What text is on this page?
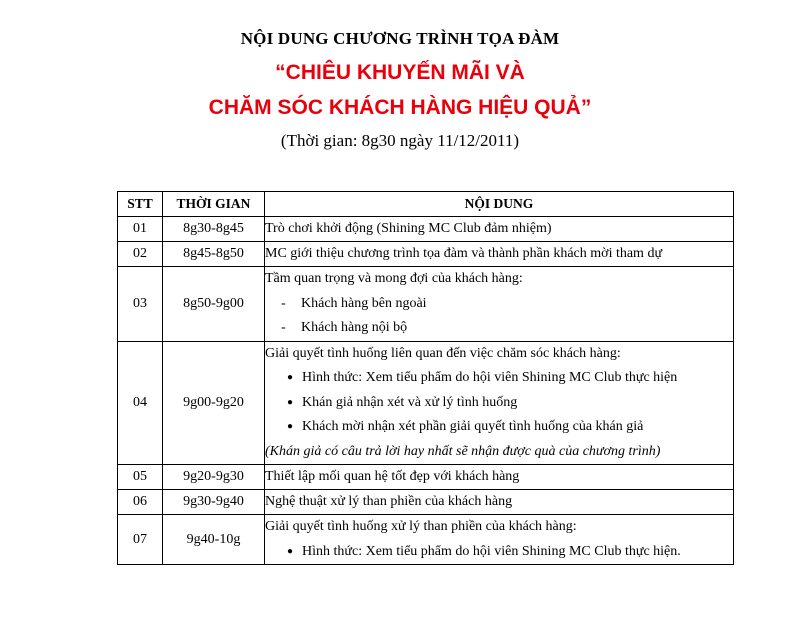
NỘI DUNG CHƯƠNG TRÌNH TỌA ĐÀM
“CHIÊU KHUYẾN MÃI VÀ
CHĂM SÓC KHÁCH HÀNG HIỆU QUẢ”
(Thời gian: 8g30 ngày 11/12/2011)
STT	THỜI GIAN	NỘI DUNG
01	8g30-8g45	Trò chơi khởi động (Shining MC Club đảm nhiệm)

02	8g45-8g50	MC giới thiệu chương trình tọa đàm và thành phần khách mời tham dự

03	8g50-9g00	Tầm quan trọng và mong đợi của khách hàng:
- Khách hàng bên ngoài
- Khách hàng nội bộ

04	9g00-9g20	Giải quyết tình huống liên quan đến việc chăm sóc khách hàng:
● Hình thức: Xem tiểu phẩm do hội viên Shining MC Club thực hiện
● Khán giả nhận xét và xử lý tình huống
● Khách mời nhận xét phần giải quyết tình huống của khán giả
(Khán giả có câu trả lời hay nhất sẽ nhận được quà của chương trình)

05	9g20-9g30	Thiết lập mối quan hệ tốt đẹp với khách hàng

06	9g30-9g40	Nghệ thuật xử lý than phiền của khách hàng

07	9g40-10g	Giải quyết tình huống xử lý than phiền của khách hàng:
● Hình thức: Xem tiểu phẩm do hội viên Shining MC Club thực hiện.
